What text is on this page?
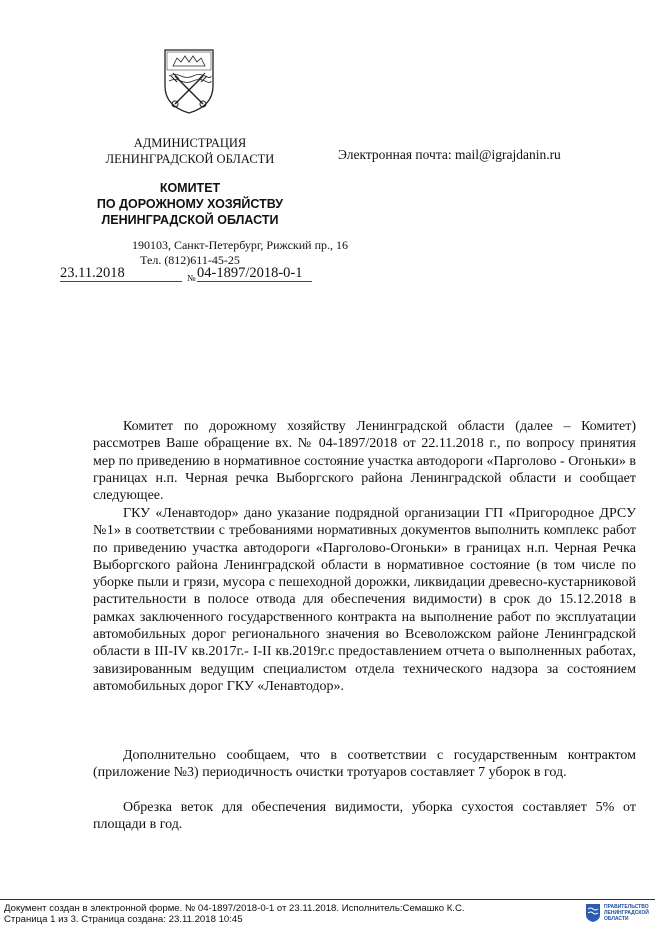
АДМИНИСТРАЦИЯ
ЛЕНИНГРАДСКОЙ ОБЛАСТИ
КОМИТЕТ
ПО ДОРОЖНОМУ ХОЗЯЙСТВУ
ЛЕНИНГРАДСКОЙ ОБЛАСТИ
190103, Санкт-Петербург, Рижский пр., 16
Тел. (812)611-45-25
23.11.2018	№ 04-1897/2018-0-1
Электронная почта: mail@igrajdanin.ru

Комитет по дорожному хозяйству Ленинградской области (далее – Комитет) рассмотрев Ваше обращение вх. № 04-1897/2018 от 22.11.2018 г., по вопросу принятия мер по приведению в нормативное состояние участка автодороги «Парголово - Огоньки» в границах н.п. Черная речка Выборгского района Ленинградской области и сообщает следующее.

ГКУ «Ленавтодор» дано указание подрядной организации ГП «Пригородное ДРСУ №1» в соответствии с требованиями нормативных документов выполнить комплекс работ по приведению участка автодороги «Парголово-Огоньки» в границах н.п. Черная Речка Выборгского района Ленинградской области в нормативное состояние (в том числе по уборке пыли и грязи, мусора с пешеходной дорожки, ликвидации древесно-кустарниковой растительности в полосе отвода для обеспечения видимости) в срок до 15.12.2018 в рамках заключенного государственного контракта на выполнение работ по эксплуатации автомобильных дорог регионального значения во Всеволожском районе Ленинградской области в III-IV кв.2017г.- I-II кв.2019г.с предоставлением отчета о выполненных работах, завизированным ведущим специалистом отдела технического надзора за состоянием автомобильных дорог ГКУ «Ленавтодор».

Дополнительно сообщаем, что в соответствии с государственным контрактом (приложение №3) периодичность очистки тротуаров составляет 7 уборок в год.

Обрезка веток для обеспечения видимости, уборка сухостоя составляет 5% от площади в год.

Документ создан в электронной форме. № 04-1897/2018-0-1 от 23.11.2018. Исполнитель:Семашко К.С.
Страница 1 из 3. Страница создана: 23.11.2018 10:45
ПРАВИТЕЛЬСТВО ЛЕНИНГРАДСКОЙ ОБЛАСТИ
